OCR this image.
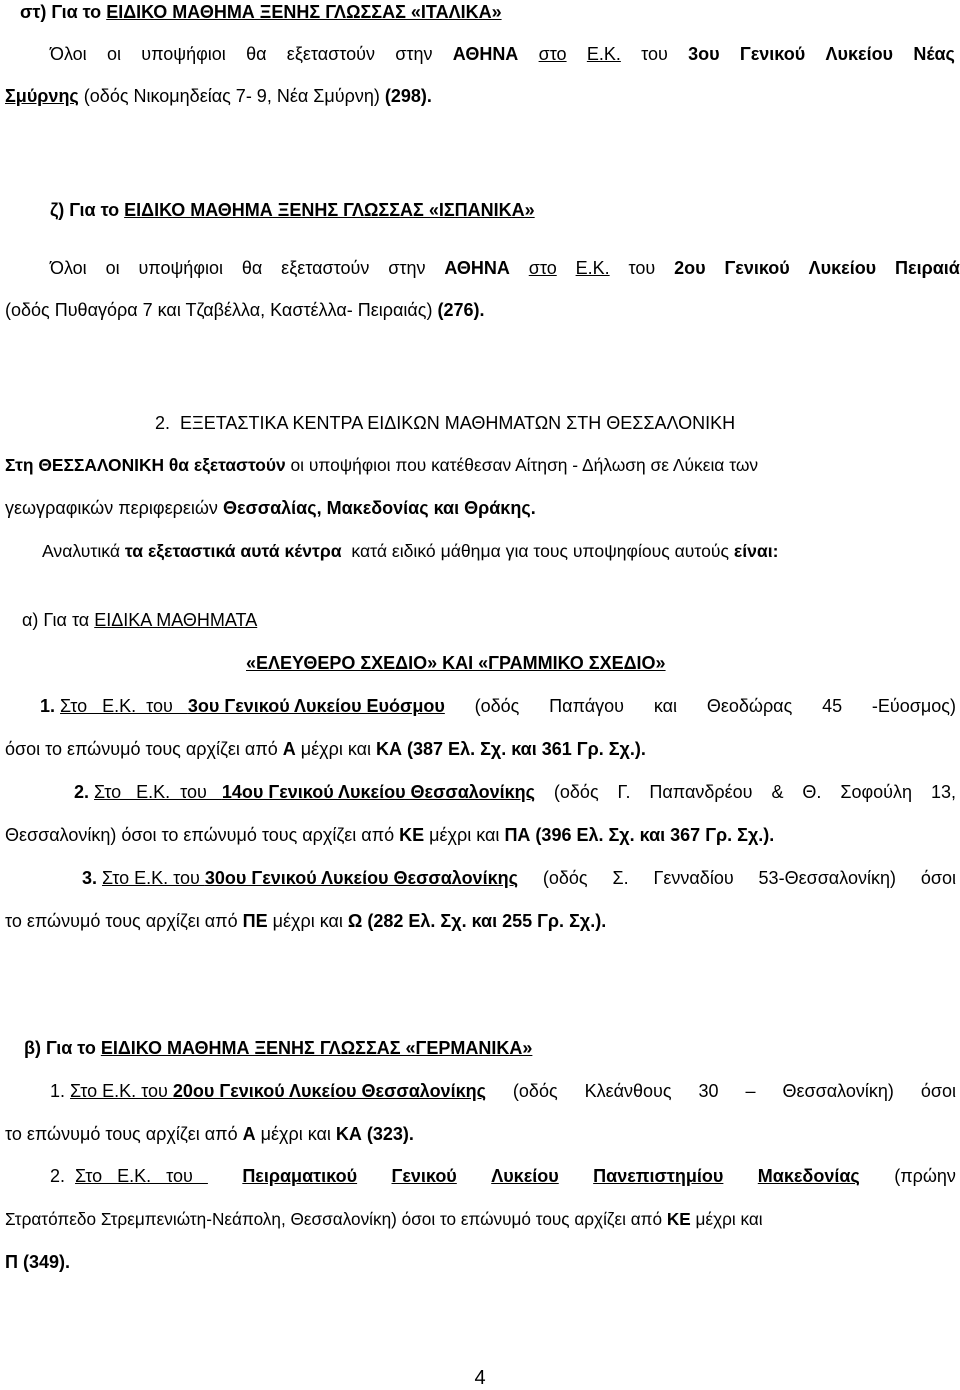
στ) Για το ΕΙΔΙΚΟ ΜΑΘΗΜΑ ΞΕΝΗΣ ΓΛΩΣΣΑΣ «ΙΤΑΛΙΚΑ»
Όλοι οι υποψήφιοι θα εξεταστούν στην ΑΘΗΝΑ στο Ε.Κ. του 3ου Γενικού Λυκείου Νέας
Σμύρνης (οδός Νικομηδείας 7- 9, Νέα Σμύρνη) (298).
ζ) Για το ΕΙΔΙΚΟ ΜΑΘΗΜΑ ΞΕΝΗΣ ΓΛΩΣΣΑΣ «ΙΣΠΑΝΙΚΑ»
Όλοι οι υποψήφιοι θα εξεταστούν στην ΑΘΗΝΑ στο Ε.Κ. του 2ου Γενικού Λυκείου Πειραιά
(οδός Πυθαγόρα 7 και Τζαβέλλα, Καστέλλα- Πειραιάς) (276).
2. ΕΞΕΤΑΣΤΙΚΑ ΚΕΝΤΡΑ ΕΙΔΙΚΩΝ ΜΑΘΗΜΑΤΩΝ ΣΤΗ ΘΕΣΣΑΛΟΝΙΚΗ
Στη ΘΕΣΣΑΛΟΝΙΚΗ θα εξεταστούν οι υποψήφιοι που κατέθεσαν Αίτηση - Δήλωση σε Λύκεια των
γεωγραφικών περιφερειών Θεσσαλίας, Μακεδονίας και Θράκης.
Αναλυτικά τα εξεταστικά αυτά κέντρα  κατά ειδικό μάθημα για τους υποψηφίους αυτούς είναι:
α) Για τα ΕΙΔΙΚΑ ΜΑΘΗΜΑΤΑ
«ΕΛΕΥΘΕΡΟ ΣΧΕΔΙΟ» ΚΑΙ «ΓΡΑΜΜΙΚΟ ΣΧΕΔΙΟ»
1. Στο   Ε.Κ.  του   3ου Γενικού Λυκείου Ευόσμου (οδός Παπάγου και Θεοδώρας 45 -Εύοσμος)
όσοι το επώνυμό τους αρχίζει από Α μέχρι και ΚΑ (387 Ελ. Σχ. και 361 Γρ. Σχ.).
2. Στο   Ε.Κ.  του   14ου Γενικού Λυκείου Θεσσαλονίκης (οδός Γ. Παπανδρέου & Θ. Σοφούλη 13,
Θεσσαλονίκη) όσοι το επώνυμό τους αρχίζει από ΚΕ μέχρι και ΠΑ (396 Ελ. Σχ. και 367 Γρ. Σχ.).
3. Στο Ε.Κ. του 30ου Γενικού Λυκείου Θεσσαλονίκης (οδός Σ. Γενναδίου 53-Θεσσαλονίκη) όσοι
το επώνυμό τους αρχίζει από ΠΕ μέχρι και Ω (282 Ελ. Σχ. και 255 Γρ. Σχ.).
β) Για το ΕΙΔΙΚΟ ΜΑΘΗΜΑ ΞΕΝΗΣ ΓΛΩΣΣΑΣ «ΓΕΡΜΑΝΙΚΑ»
1. Στο Ε.Κ. του 20ου Γενικού Λυκείου Θεσσαλονίκης (οδός Κλεάνθους 30 – Θεσσαλονίκη) όσοι
το επώνυμό τους αρχίζει από Α μέχρι και ΚΑ (323).
2. Στο   Ε.Κ.   του Πειραματικού Γενικού Λυκείου Πανεπιστημίου Μακεδονίας (πρώην
Στρατόπεδο Στρεμπενιώτη-Νεάπολη, Θεσσαλονίκη) όσοι το επώνυμό τους αρχίζει από ΚΕ μέχρι και
Π (349).
4
